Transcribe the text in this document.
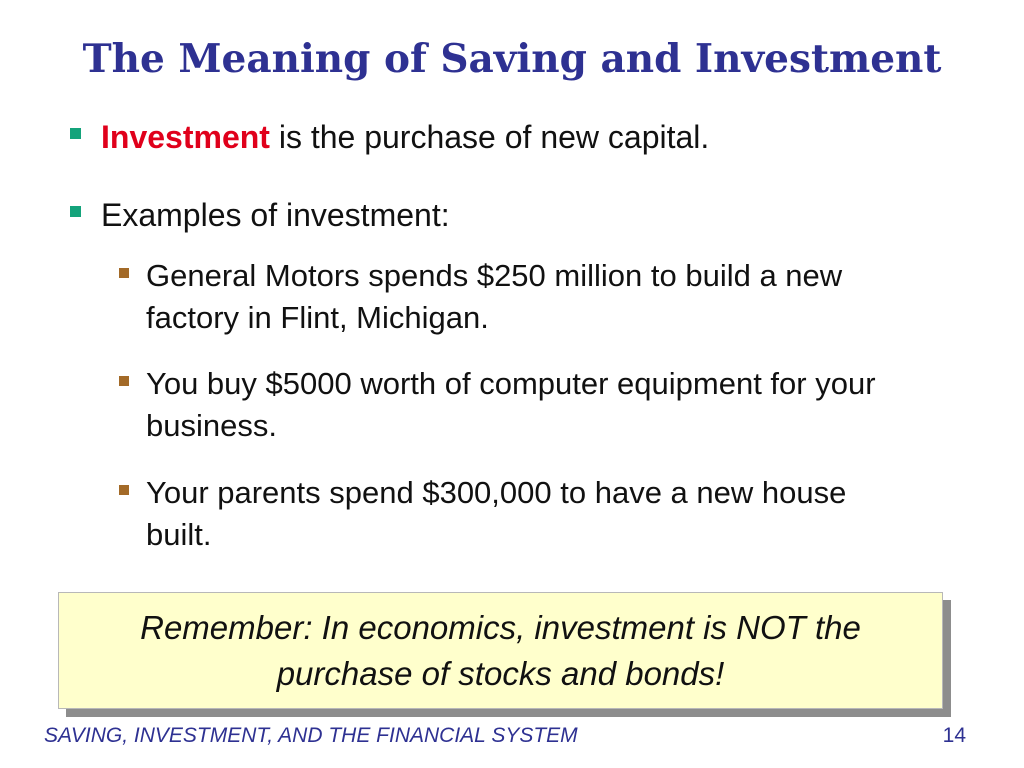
The Meaning of Saving and Investment
Investment is the purchase of new capital.
Examples of investment:
General Motors spends $250 million to build a new factory in Flint, Michigan.
You buy $5000 worth of computer equipment for your business.
Your parents spend $300,000 to have a new house built.
Remember: In economics, investment is NOT the purchase of stocks and bonds!
SAVING, INVESTMENT, AND THE FINANCIAL SYSTEM	14
